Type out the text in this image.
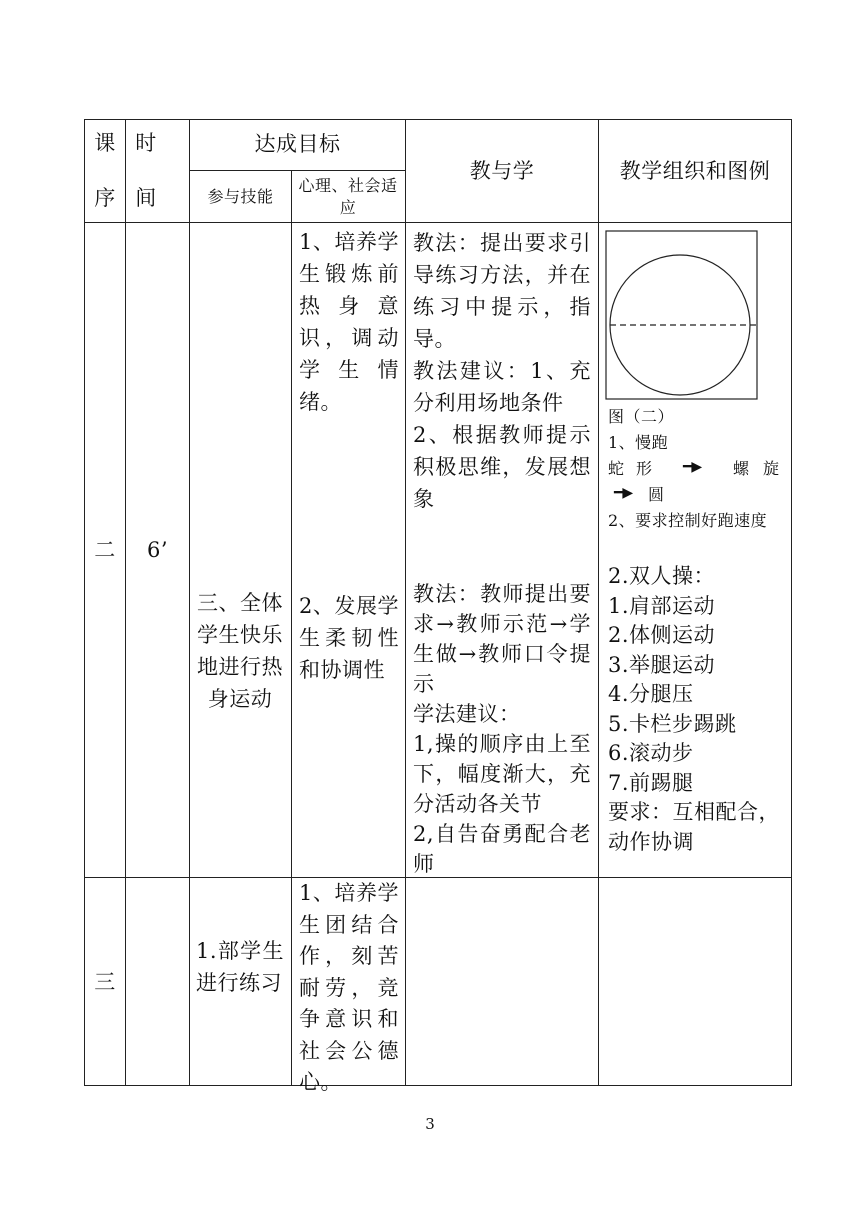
课
序
时
间
达成目标
参与技能
心理、社会适应
教与学	教学组织和图例
二	6’
三、全体学生快乐地进行热身运动
1、培养学生锻炼前热身意识，调动学生情绪。
2、发展学生柔韧性和协调性
教法：提出要求引导练习方法，并在练习中提示，指导。
教法建议：1、充分利用场地条件
2、根据教师提示积极思维，发展想象
教法：教师提出要求→教师示范→学生做→教师口令提示
学法建议：
1,操的顺序由上至下，幅度渐大，充分活动各关节
2,自告奋勇配合老师
图（二）
1、慢跑
蛇形 ━▶ 螺旋
━▶ 圆
2、要求控制好跑速度
2.双人操：
1.肩部运动
2.体侧运动
3.举腿运动
4.分腿压
5.卡栏步踢跳
6.滚动步
7.前踢腿
要求：互相配合，动作协调
三
1.部学生进行练习
1、培养学生团结合作，刻苦耐劳，竞争意识和社会公德心。
3
